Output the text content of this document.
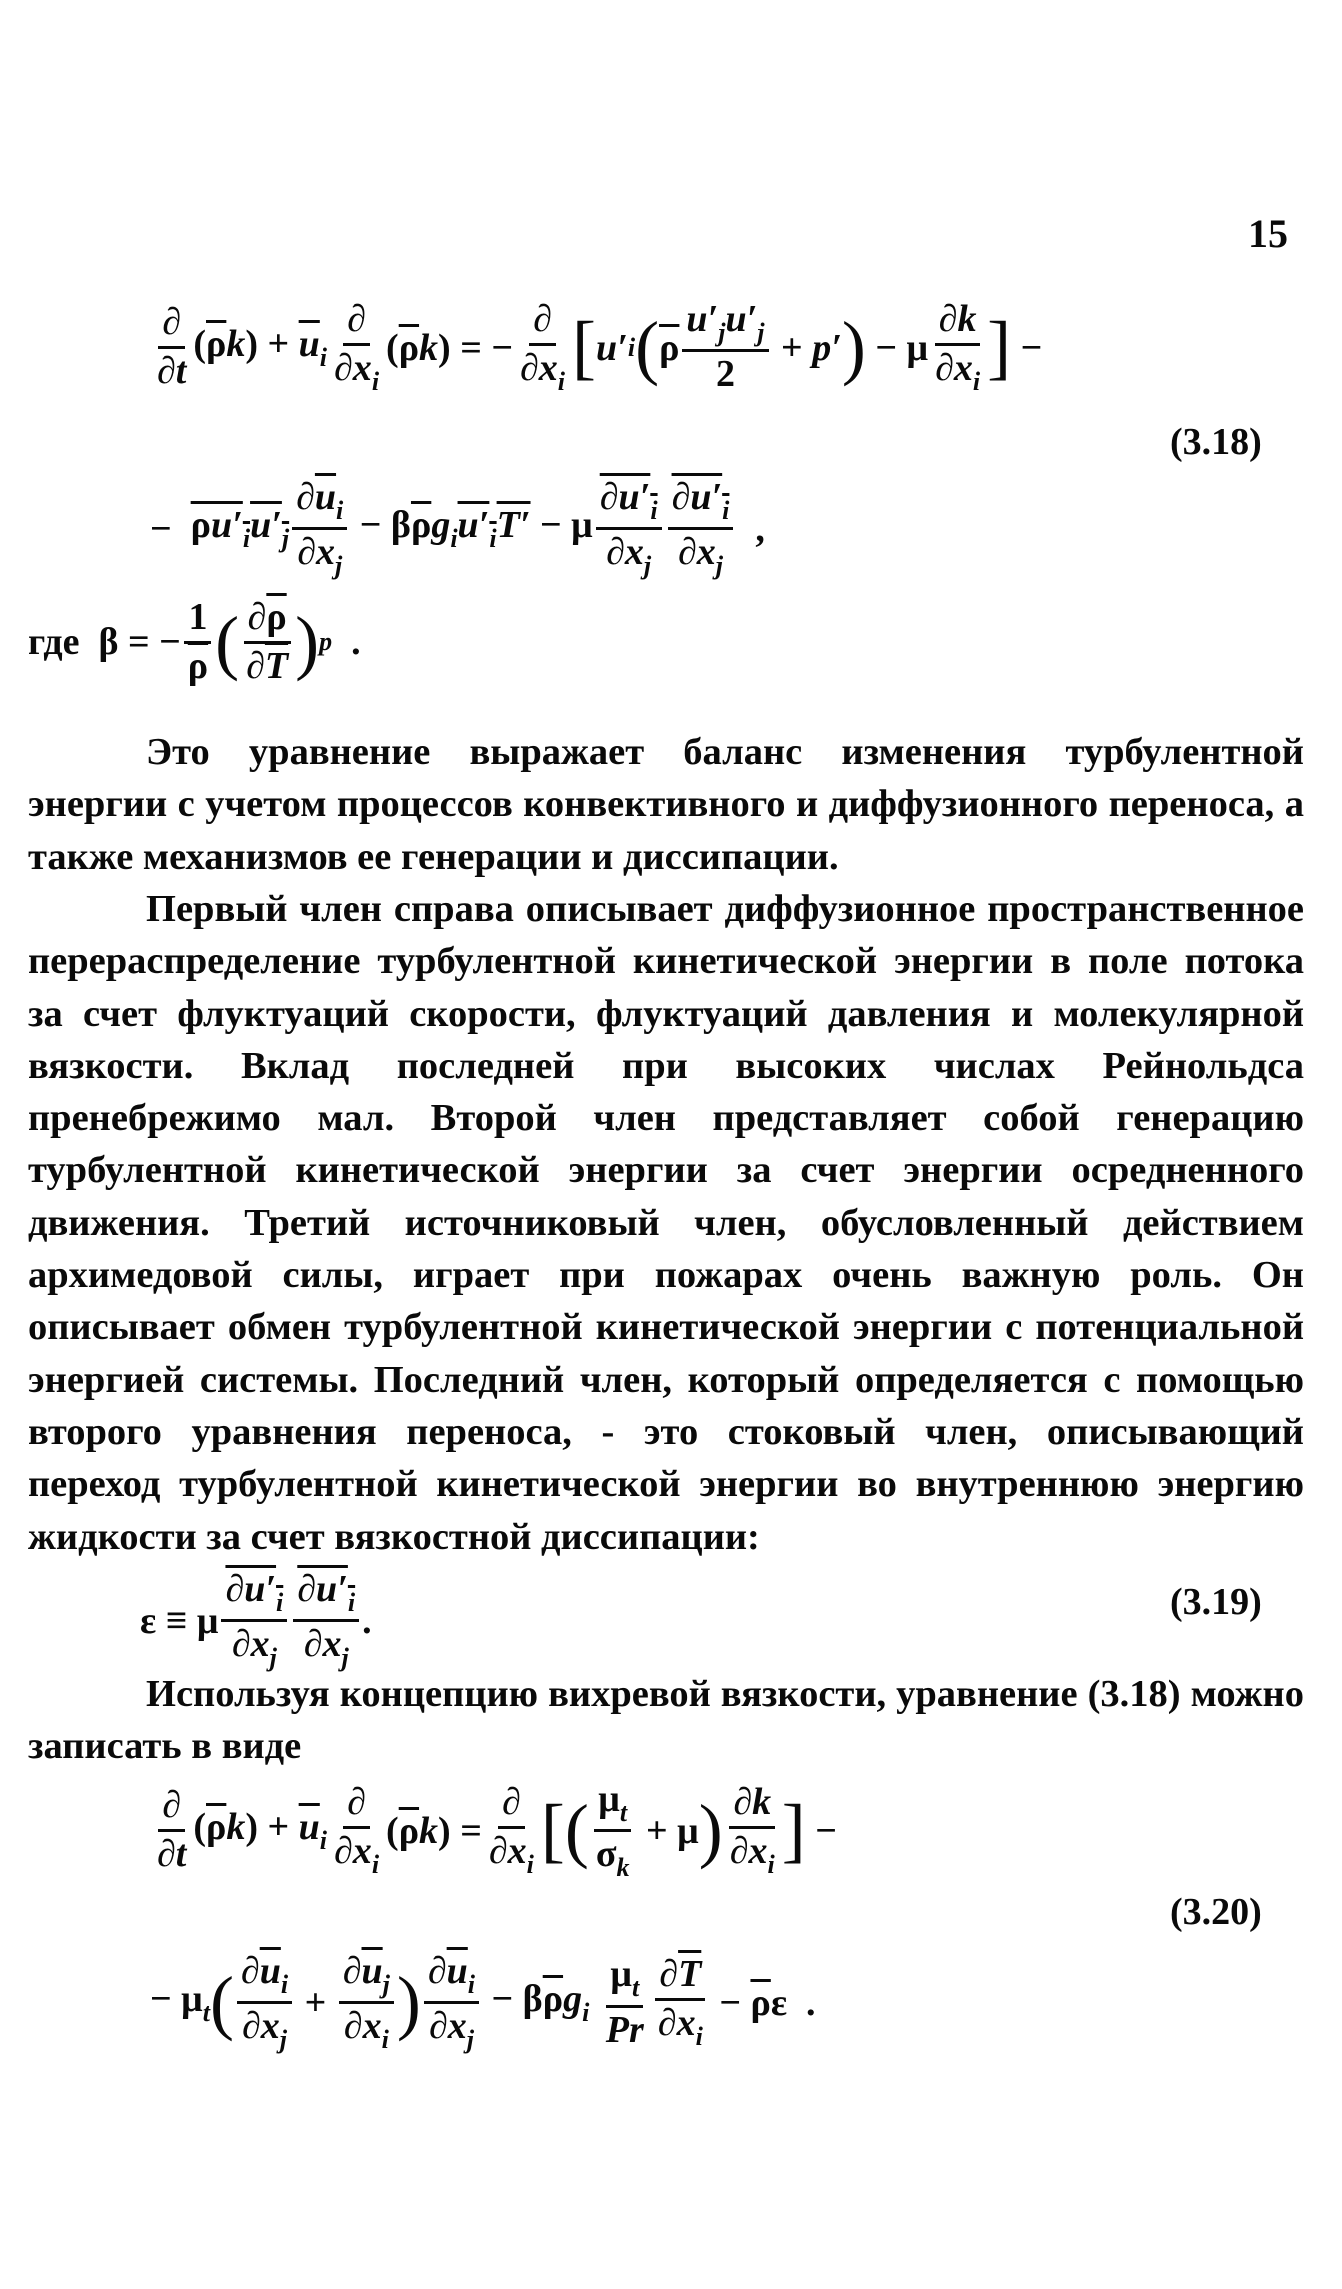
15
$\frac{\partial}{\partial t} (\overline{\rho}k) + \overline{u}_i \frac{\partial}{\partial x_i} (\overline{\rho}k)$ = − $\frac{\partial}{\partial x_i}$ [ u′ i ( $\overline{\rho} \frac{u'_ju'_j}{2} + p'$ ) − μ $\frac{\partial k}{\partial x_i}$ ] −
(3.18)
− $\rho u'_iu'_j \frac{\partial\overline{u}_i}{\partial x_j} - \beta\overline{\rho}g_iu'_iT' - \mu \frac{\partial u'_i}{\partial x_j} \frac{\partial u'_i}{\partial x_j}$ ,
где β = − $\frac{1}{\rho}$ ( $\frac{\partial\overline{\rho}}{\partial\overline{T}}$ ) p .

Это уравнение выражает баланс изменения турбулентной энергии с учетом процессов конвективного и диффузионного переноса, а также механизмов ее генерации и диссипации.

Первый член справа описывает диффузионное пространственное перераспределение турбулентной кинетической энергии в поле потока за счет флуктуаций скорости, флуктуаций давления и молекулярной вязкости. Вклад последней при высоких числах Рейнольдса пренебрежимо мал. Второй член представляет собой генерацию турбулентной кинетической энергии за счет энергии осредненного движения. Третий источниковый член, обусловленный действием архимедовой силы, играет при пожарах очень важную роль. Он описывает обмен турбулентной кинетической энергии с потенциальной энергией системы. Последний член, который определяется с помощью второго уравнения переноса, - это стоковый член, описывающий переход турбулентной кинетической энергии во внутреннюю энергию жидкости за счет вязкостной диссипации:

ε ≡ μ $\frac{\partial u'_i}{\partial x_j} \frac{\partial u'_i}{\partial x_j}$ .	(3.19)

Используя концепцию вихревой вязкости, уравнение (3.18) можно записать в виде

$\frac{\partial}{\partial t} (\overline{\rho}k) + \overline{u}_i \frac{\partial}{\partial x_i} (\overline{\rho}k) = \frac{\partial}{\partial x_i}$ [ ( $\frac{\mu_t}{\sigma_k} + \mu$ ) $\frac{\partial k}{\partial x_i}$ ] −
(3.20)
− $\mu_t$ ( $\frac{\partial\overline{u}_i}{\partial x_j} + \frac{\partial\overline{u}_j}{\partial x_i}$ ) $\frac{\partial\overline{u}_i}{\partial x_j} - \beta\overline{\rho}g_i \frac{\mu_t}{Pr} \frac{\partial\overline{T}}{\partial x_i} - \overline{\rho}\varepsilon$  .
